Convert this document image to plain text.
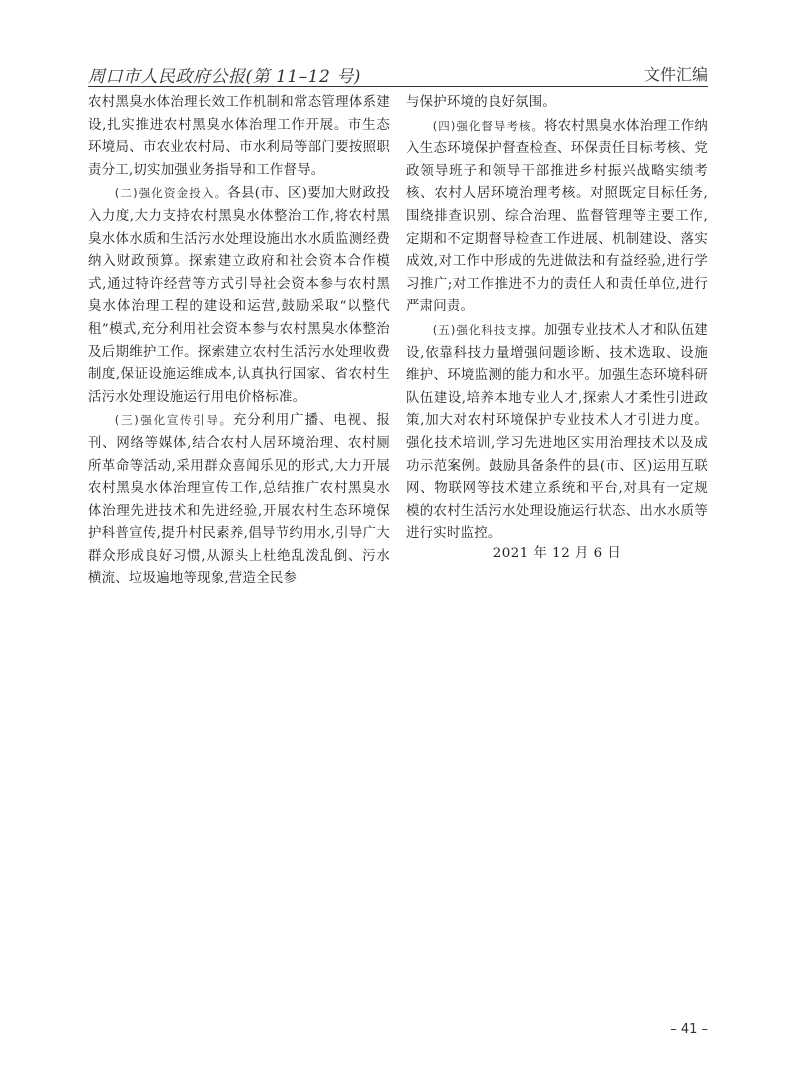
周口市人民政府公报(第 11–12 号)	文件汇编

农村黑臭水体治理长效工作机制和常态管理体系建设,扎实推进农村黑臭水体治理工作开展。市生态环境局、市农业农村局、市水利局等部门要按照职责分工,切实加强业务指导和工作督导。

(二)强化资金投入。各县(市、区)要加大财政投入力度,大力支持农村黑臭水体整治工作,将农村黑臭水体水质和生活污水处理设施出水水质监测经费纳入财政预算。探索建立政府和社会资本合作模式,通过特许经营等方式引导社会资本参与农村黑臭水体治理工程的建设和运营,鼓励采取“以整代租”模式,充分利用社会资本参与农村黑臭水体整治及后期维护工作。探索建立农村生活污水处理收费制度,保证设施运维成本,认真执行国家、省农村生活污水处理设施运行用电价格标准。

(三)强化宣传引导。充分利用广播、电视、报刊、网络等媒体,结合农村人居环境治理、农村厕所革命等活动,采用群众喜闻乐见的形式,大力开展农村黑臭水体治理宣传工作,总结推广农村黑臭水体治理先进技术和先进经验,开展农村生态环境保护科普宣传,提升村民素养,倡导节约用水,引导广大群众形成良好习惯,从源头上杜绝乱泼乱倒、污水横流、垃圾遍地等现象,营造全民参

与保护环境的良好氛围。

(四)强化督导考核。将农村黑臭水体治理工作纳入生态环境保护督查检查、环保责任目标考核、党政领导班子和领导干部推进乡村振兴战略实绩考核、农村人居环境治理考核。对照既定目标任务,围绕排查识别、综合治理、监督管理等主要工作,定期和不定期督导检查工作进展、机制建设、落实成效,对工作中形成的先进做法和有益经验,进行学习推广;对工作推进不力的责任人和责任单位,进行严肃问责。

(五)强化科技支撑。加强专业技术人才和队伍建设,依靠科技力量增强问题诊断、技术选取、设施维护、环境监测的能力和水平。加强生态环境科研队伍建设,培养本地专业人才,探索人才柔性引进政策,加大对农村环境保护专业技术人才引进力度。强化技术培训,学习先进地区实用治理技术以及成功示范案例。鼓励具备条件的县(市、区)运用互联网、物联网等技术建立系统和平台,对具有一定规模的农村生活污水处理设施运行状态、出水水质等进行实时监控。

2021 年 12 月 6 日
– 41 –
